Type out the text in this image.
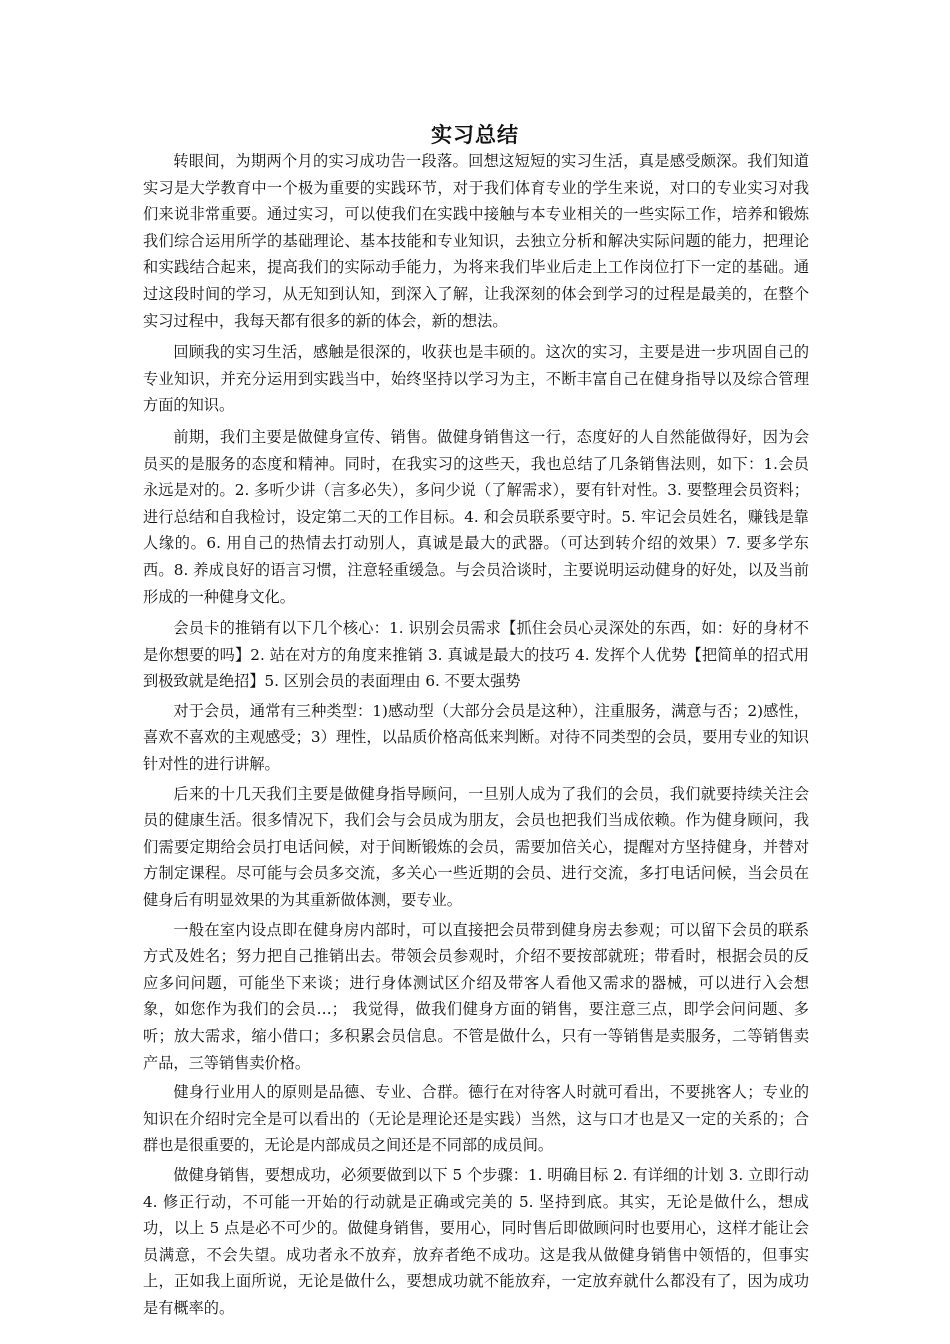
实习总结

转眼间，为期两个月的实习成功告一段落。回想这短短的实习生活，真是感受颇深。我们知道实习是大学教育中一个极为重要的实践环节，对于我们体育专业的学生来说，对口的专业实习对我们来说非常重要。通过实习，可以使我们在实践中接触与本专业相关的一些实际工作，培养和锻炼我们综合运用所学的基础理论、基本技能和专业知识，去独立分析和解决实际问题的能力，把理论和实践结合起来，提高我们的实际动手能力，为将来我们毕业后走上工作岗位打下一定的基础。通过这段时间的学习，从无知到认知，到深入了解，让我深刻的体会到学习的过程是最美的，在整个实习过程中，我每天都有很多的新的体会，新的想法。

回顾我的实习生活，感触是很深的，收获也是丰硕的。这次的实习，主要是进一步巩固自己的专业知识，并充分运用到实践当中，始终坚持以学习为主，不断丰富自己在健身指导以及综合管理方面的知识。

前期，我们主要是做健身宣传、销售。做健身销售这一行，态度好的人自然能做得好，因为会员买的是服务的态度和精神。同时，在我实习的这些天，我也总结了几条销售法则，如下：1.会员永远是对的。2. 多听少讲（言多必失），多问少说（了解需求），要有针对性。3. 要整理会员资料；进行总结和自我检讨，设定第二天的工作目标。4. 和会员联系要守时。5. 牢记会员姓名，赚钱是靠人缘的。6. 用自己的热情去打动别人，真诚是最大的武器。（可达到转介绍的效果）7. 要多学东西。8. 养成良好的语言习惯，注意轻重缓急。与会员洽谈时，主要说明运动健身的好处，以及当前形成的一种健身文化。

会员卡的推销有以下几个核心：1. 识别会员需求【抓住会员心灵深处的东西，如：好的身材不是你想要的吗】2. 站在对方的角度来推销 3. 真诚是最大的技巧 4. 发挥个人优势【把简单的招式用到极致就是绝招】5. 区别会员的表面理由 6. 不要太强势

对于会员，通常有三种类型：1)感动型（大部分会员是这种），注重服务，满意与否；2)感性，喜欢不喜欢的主观感受；3）理性，以品质价格高低来判断。对待不同类型的会员，要用专业的知识针对性的进行讲解。

后来的十几天我们主要是做健身指导顾问，一旦别人成为了我们的会员，我们就要持续关注会员的健康生活。很多情况下，我们会与会员成为朋友，会员也把我们当成依赖。作为健身顾问，我们需要定期给会员打电话问候，对于间断锻炼的会员，需要加倍关心，提醒对方坚持健身，并替对方制定课程。尽可能与会员多交流，多关心一些近期的会员、进行交流，多打电话问候，当会员在健身后有明显效果的为其重新做体测，要专业。

一般在室内设点即在健身房内部时，可以直接把会员带到健身房去参观；可以留下会员的联系方式及姓名；努力把自己推销出去。带领会员参观时，介绍不要按部就班；带看时，根据会员的反应多问问题，可能坐下来谈；进行身体测试区介绍及带客人看他又需求的器械，可以进行入会想象，如您作为我们的会员…； 我觉得，做我们健身方面的销售，要注意三点，即学会问问题、多听；放大需求，缩小借口；多积累会员信息。不管是做什么，只有一等销售是卖服务，二等销售卖产品，三等销售卖价格。

健身行业用人的原则是品德、专业、合群。德行在对待客人时就可看出，不要挑客人；专业的知识在介绍时完全是可以看出的（无论是理论还是实践）当然，这与口才也是又一定的关系的；合群也是很重要的，无论是内部成员之间还是不同部的成员间。

做健身销售，要想成功，必须要做到以下 5 个步骤：1. 明确目标 2. 有详细的计划 3. 立即行动 4. 修正行动，不可能一开始的行动就是正确或完美的 5. 坚持到底。其实，无论是做什么，想成功，以上 5 点是必不可少的。做健身销售，要用心，同时售后即做顾问时也要用心，这样才能让会员满意，不会失望。成功者永不放弃，放弃者绝不成功。这是我从做健身销售中领悟的，但事实上，正如我上面所说，无论是做什么，要想成功就不能放弃，一定放弃就什么都没有了，因为成功是有概率的。
